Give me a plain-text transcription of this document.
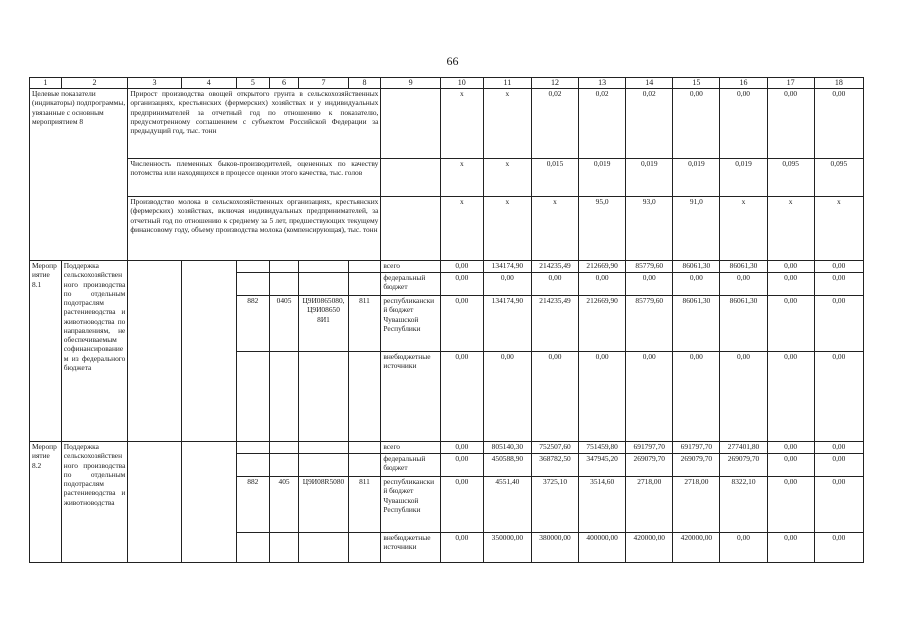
66
1	2	3	4	5	6	7	8	9	10	11	12	13	14	15	16	17	18
Целевые показатели (индикаторы) подпрограммы, увязанные с основным мероприятием 8		Прирост производства овощей открытого грунта в сельскохозяйственных организациях, крестьянских (фермерских) хозяйствах и у индивидуальных предпринимателей за отчетный год по отношению к показателю, предусмотренному соглашением с субъектом Российской Федерации за предыдущий год, тыс. тонн							x	x	0,02	0,02	0,02	0,00	0,00	0,00	0,00
		Численность племенных быков-производителей, оцененных по качеству потомства или находящихся в процессе оценки этого качества, тыс. голов							x	x	0,015	0,019	0,019	0,019	0,019	0,095	0,095
		Производство молока в сельскохозяйственных организациях, крестьянских (фермерских) хозяйствах, включая индивидуальных предпринимателей, за отчетный год по отношению к среднему за 5 лет, предшествующих текущему финансовому году, объему производства молока (компенсирующая), тыс. тонн							x	x	x	95,0	93,0	91,0	x	x	x
Мероприятие 8.1	Поддержка сельскохозяйственного производства по отдельным подотраслям растениеводства и животноводства по направлениям, не обеспечиваемым софинансированием из федерального бюджета							всего	0,00	134174,90	214235,49	212669,90	85779,60	86061,30	86061,30	0,00	0,00
								федеральный бюджет	0,00	0,00	0,00	0,00	0,00	0,00	0,00	0,00	0,00
				882	0405	Ц9И0865080, Ц9И08650 8И1	811	республиканский бюджет Чувашской Республики	0,00	134174,90	214235,49	212669,90	85779,60	86061,30	86061,30	0,00	0,00
								внебюджетные источники	0,00	0,00	0,00	0,00	0,00	0,00	0,00	0,00	0,00
Мероприятие 8.2	Поддержка сельскохозяйственного производства по отдельным подотраслям растениеводства и животноводства							всего	0,00	805140,30	752507,60	751459,80	691797,70	691797,70	277401,80	0,00	0,00
								федеральный бюджет	0,00	450588,90	368782,50	347945,20	269079,70	269079,70	269079,70	0,00	0,00
				882	405	Ц9И08R5080	811	республиканский бюджет Чувашской Республики	0,00	4551,40	3725,10	3514,60	2718,00	2718,00	8322,10	0,00	0,00
								внебюджетные источники	0,00	350000,00	380000,00	400000,00	420000,00	420000,00	0,00	0,00	0,00
